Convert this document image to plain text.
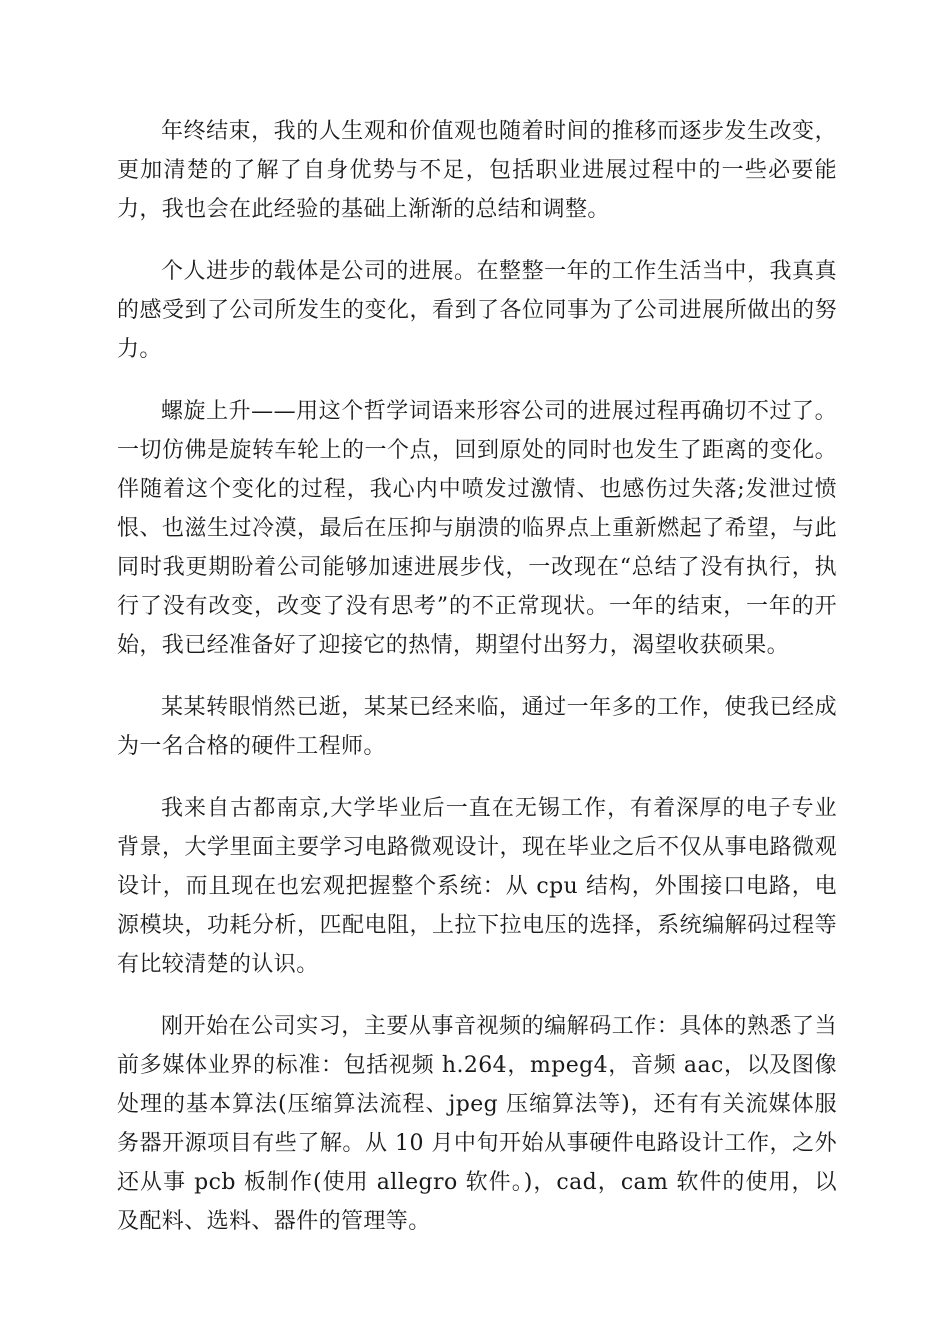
年终结束，我的人生观和价值观也随着时间的推移而逐步发生改变，更加清楚的了解了自身优势与不足，包括职业进展过程中的一些必要能力，我也会在此经验的基础上渐渐的总结和调整。

个人进步的载体是公司的进展。在整整一年的工作生活当中，我真真的感受到了公司所发生的变化，看到了各位同事为了公司进展所做出的努力。

螺旋上升——用这个哲学词语来形容公司的进展过程再确切不过了。一切仿佛是旋转车轮上的一个点，回到原处的同时也发生了距离的变化。伴随着这个变化的过程，我心内中喷发过激情、也感伤过失落;发泄过愤恨、也滋生过冷漠，最后在压抑与崩溃的临界点上重新燃起了希望，与此同时我更期盼着公司能够加速进展步伐，一改现在“总结了没有执行，执行了没有改变，改变了没有思考”的不正常现状。一年的结束，一年的开始，我已经准备好了迎接它的热情，期望付出努力，渴望收获硕果。

某某转眼悄然已逝，某某已经来临，通过一年多的工作，使我已经成为一名合格的硬件工程师。

我来自古都南京,大学毕业后一直在无锡工作，有着深厚的电子专业背景，大学里面主要学习电路微观设计，现在毕业之后不仅从事电路微观设计，而且现在也宏观把握整个系统：从 cpu 结构，外围接口电路，电源模块，功耗分析，匹配电阻，上拉下拉电压的选择，系统编解码过程等有比较清楚的认识。

刚开始在公司实习，主要从事音视频的编解码工作：具体的熟悉了当前多媒体业界的标准：包括视频 h.264，mpeg4，音频 aac，以及图像处理的基本算法(压缩算法流程、jpeg 压缩算法等)，还有有关流媒体服务器开源项目有些了解。从 10 月中旬开始从事硬件电路设计工作，之外还从事 pcb 板制作(使用 allegro 软件。)，cad，cam 软件的使用，以及配料、选料、器件的管理等。
